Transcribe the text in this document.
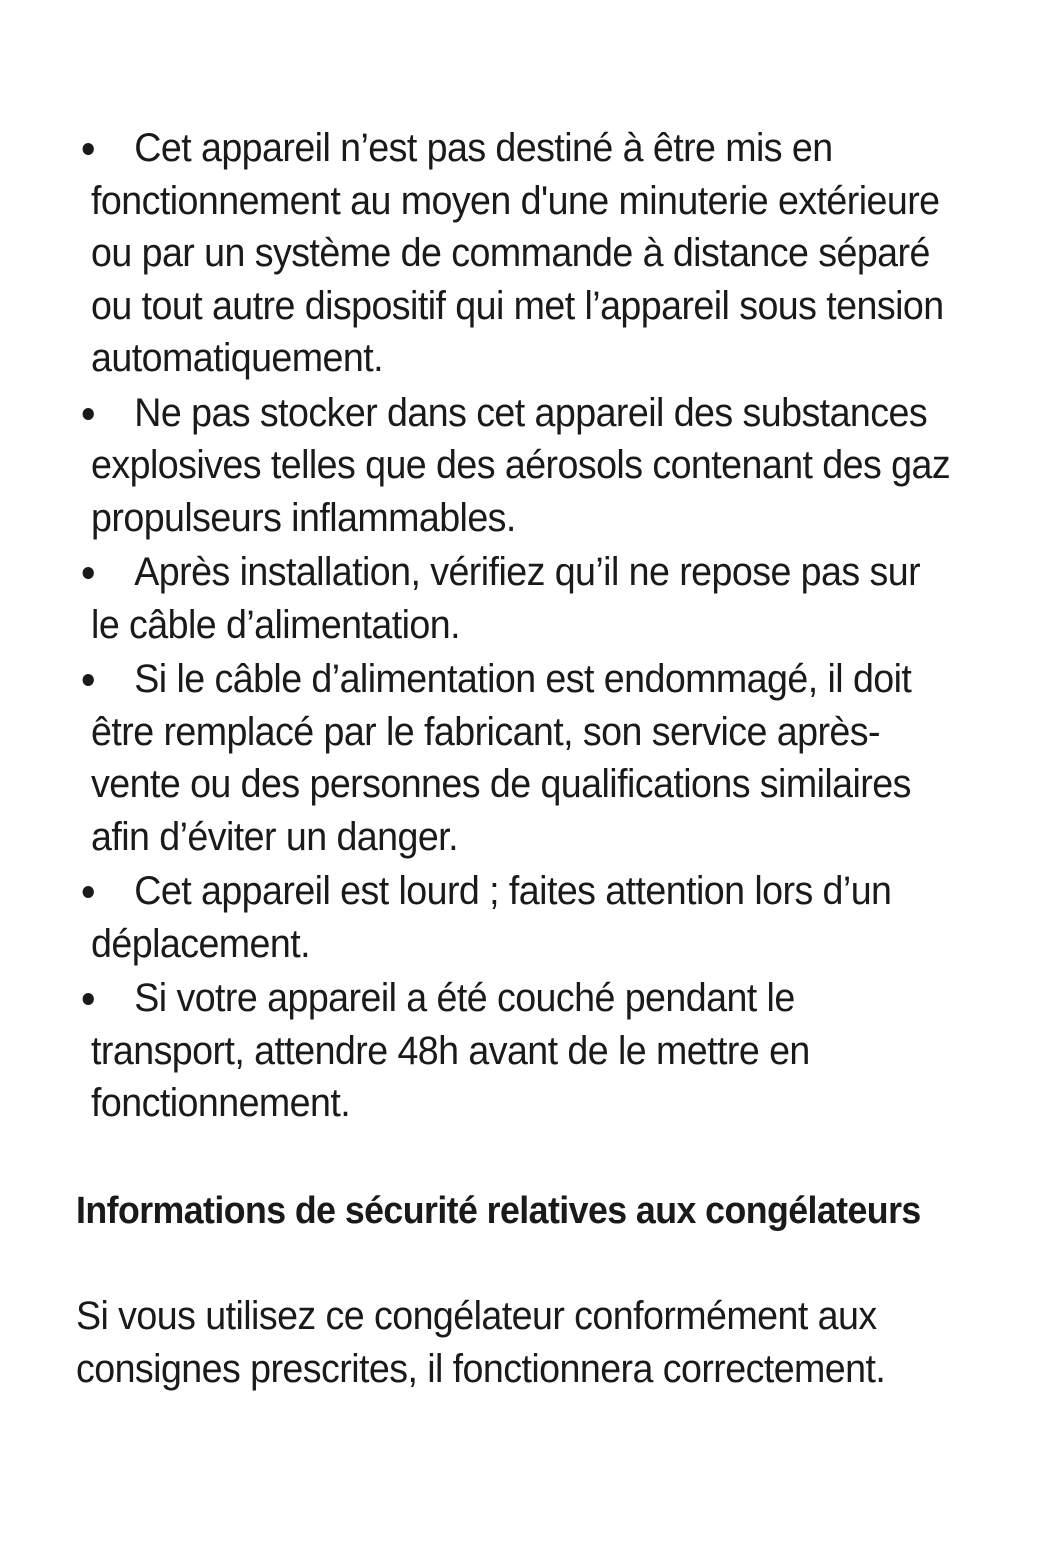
Cet appareil n’est pas destiné à être mis en fonctionnement au moyen d'une minuterie extérieure ou par un système de commande à distance séparé ou tout autre dispositif qui met l’appareil sous tension automatiquement.
Ne pas stocker dans cet appareil des substances explosives telles que des aérosols contenant des gaz propulseurs inflammables.
Après installation, vérifiez qu’il ne repose pas sur le câble d’alimentation.
Si le câble d’alimentation est endommagé, il doit être remplacé par le fabricant, son service après-vente ou des personnes de qualifications similaires afin d’éviter un danger.
Cet appareil est lourd ; faites attention lors d’un déplacement.
Si votre appareil a été couché pendant le transport, attendre 48h avant de le mettre en fonctionnement.
Informations de sécurité relatives aux congélateurs

Si vous utilisez ce congélateur conformément aux consignes prescrites, il fonctionnera correctement.
